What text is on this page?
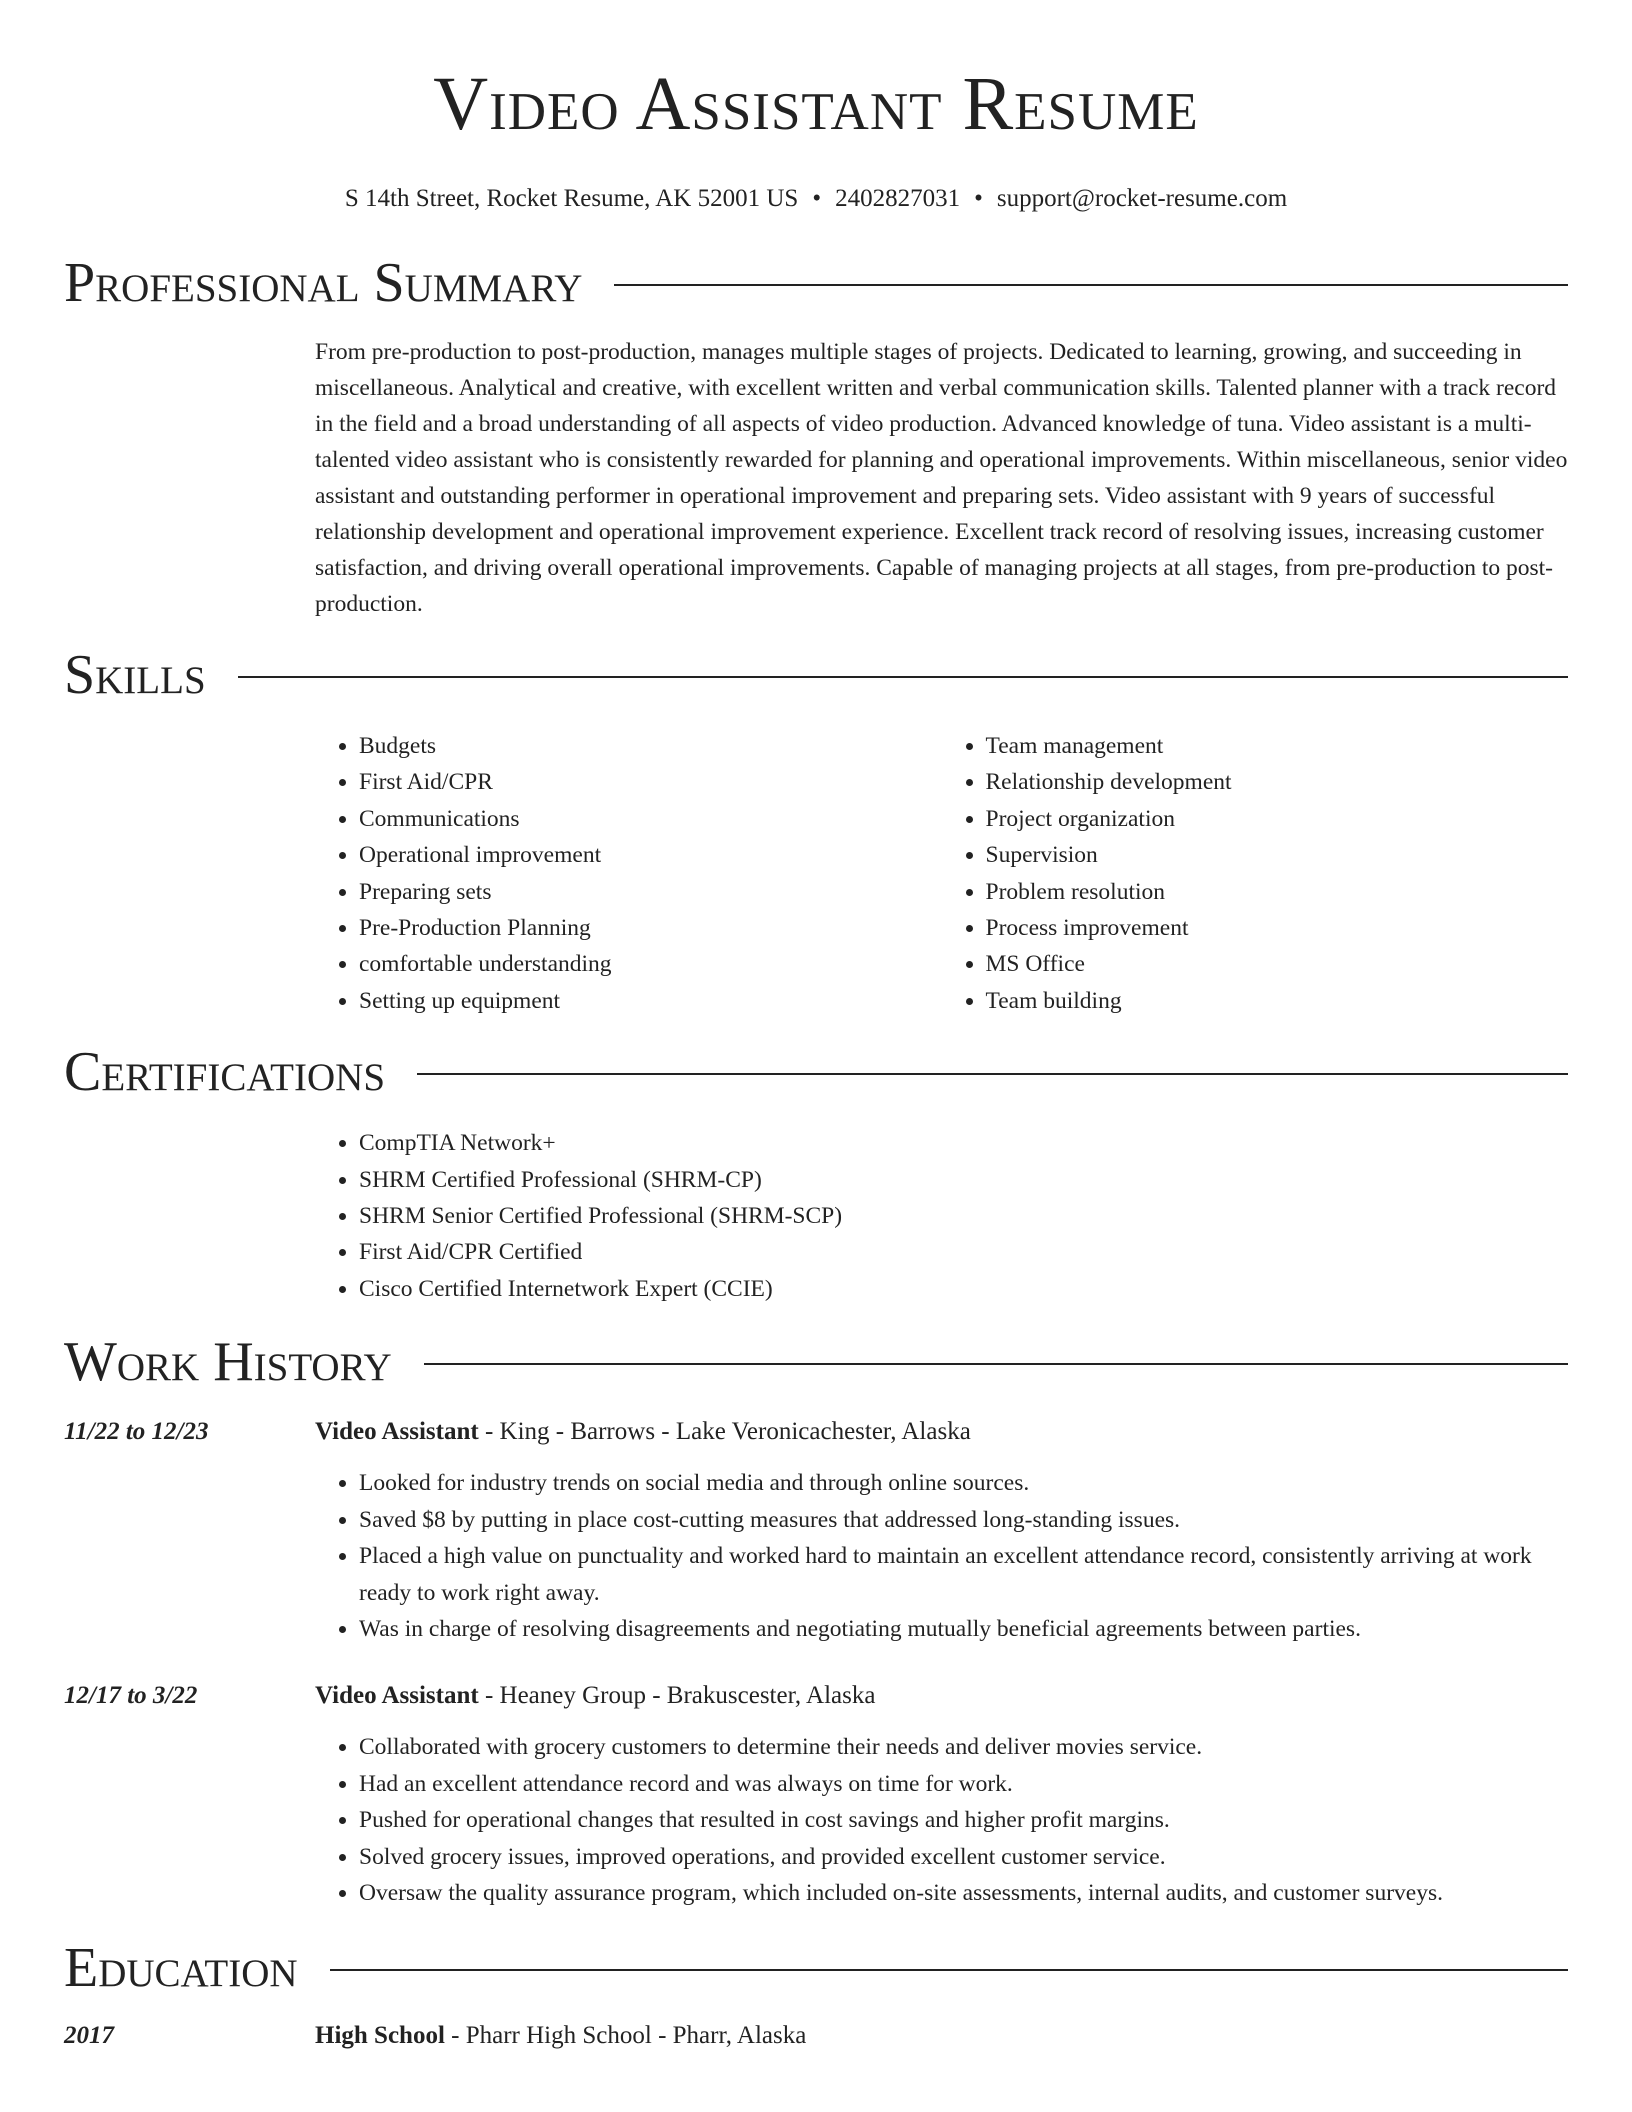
Video Assistant Resume
S 14th Street, Rocket Resume, AK 52001 US • 2402827031 • support@rocket-resume.com
Professional Summary

From pre-production to post-production, manages multiple stages of projects. Dedicated to learning, growing, and succeeding in miscellaneous. Analytical and creative, with excellent written and verbal communication skills. Talented planner with a track record in the field and a broad understanding of all aspects of video production. Advanced knowledge of tuna. Video assistant is a multi-talented video assistant who is consistently rewarded for planning and operational improvements. Within miscellaneous, senior video assistant and outstanding performer in operational improvement and preparing sets. Video assistant with 9 years of successful relationship development and operational improvement experience. Excellent track record of resolving issues, increasing customer satisfaction, and driving overall operational improvements. Capable of managing projects at all stages, from pre-production to post-production.

Skills
• Budgets
• First Aid/CPR
• Communications
• Operational improvement
• Preparing sets
• Pre-Production Planning
• comfortable understanding
• Setting up equipment
• Team management
• Relationship development
• Project organization
• Supervision
• Problem resolution
• Process improvement
• MS Office
• Team building
Certifications
• CompTIA Network+
• SHRM Certified Professional (SHRM-CP)
• SHRM Senior Certified Professional (SHRM-SCP)
• First Aid/CPR Certified
• Cisco Certified Internetwork Expert (CCIE)
Work History
11/22 to 12/23	Video Assistant - King - Barrows - Lake Veronicachester, Alaska
• Looked for industry trends on social media and through online sources.
• Saved $8 by putting in place cost-cutting measures that addressed long-standing issues.
• Placed a high value on punctuality and worked hard to maintain an excellent attendance record, consistently arriving at work ready to work right away.
• Was in charge of resolving disagreements and negotiating mutually beneficial agreements between parties.
12/17 to 3/22	Video Assistant - Heaney Group - Brakuscester, Alaska
• Collaborated with grocery customers to determine their needs and deliver movies service.
• Had an excellent attendance record and was always on time for work.
• Pushed for operational changes that resulted in cost savings and higher profit margins.
• Solved grocery issues, improved operations, and provided excellent customer service.
• Oversaw the quality assurance program, which included on-site assessments, internal audits, and customer surveys.
Education
2017	High School - Pharr High School - Pharr, Alaska
